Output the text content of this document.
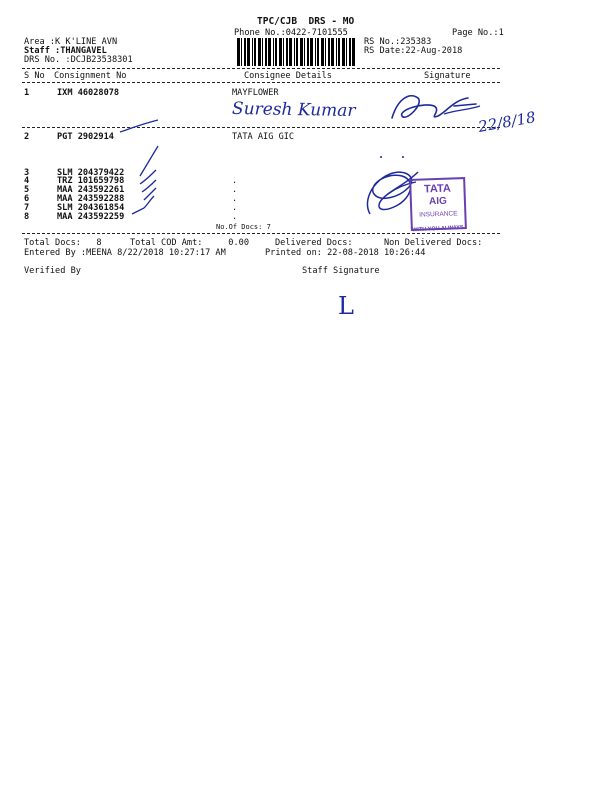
TPC/CJB  DRS - MO
Phone No.:0422-7101555	Page No.:1
Area :K K'LINE AVN
Staff :THANGAVEL
DRS No. :DCJB23538301
RS No.:235383
RS Date:22-Aug-2018
S No Consignment No	Consignee Details	Signature
1	IXM 46028078	MAYFLOWER
2	PGT 2902914	TATA AIG GIC
3	SLM 204379422
4	TRZ 101659798	.
5	MAA 243592261	.
6	MAA 243592288	.
7	SLM 204361854	.
8	MAA 243592259	.
No.Of Docs: 7
Total Docs:   8	Total COD Amt:     0.00	Delivered Docs:	Non Delivered Docs:
Entered By :MEENA 8/22/2018 10:27:17 AM	Printed on: 22-08-2018 10:26:44
Verified By	Staff Signature
Suresh Kumar	22/8/18
L
TATA
AIG
INSURANCE
WITH YOU ALWAYS
